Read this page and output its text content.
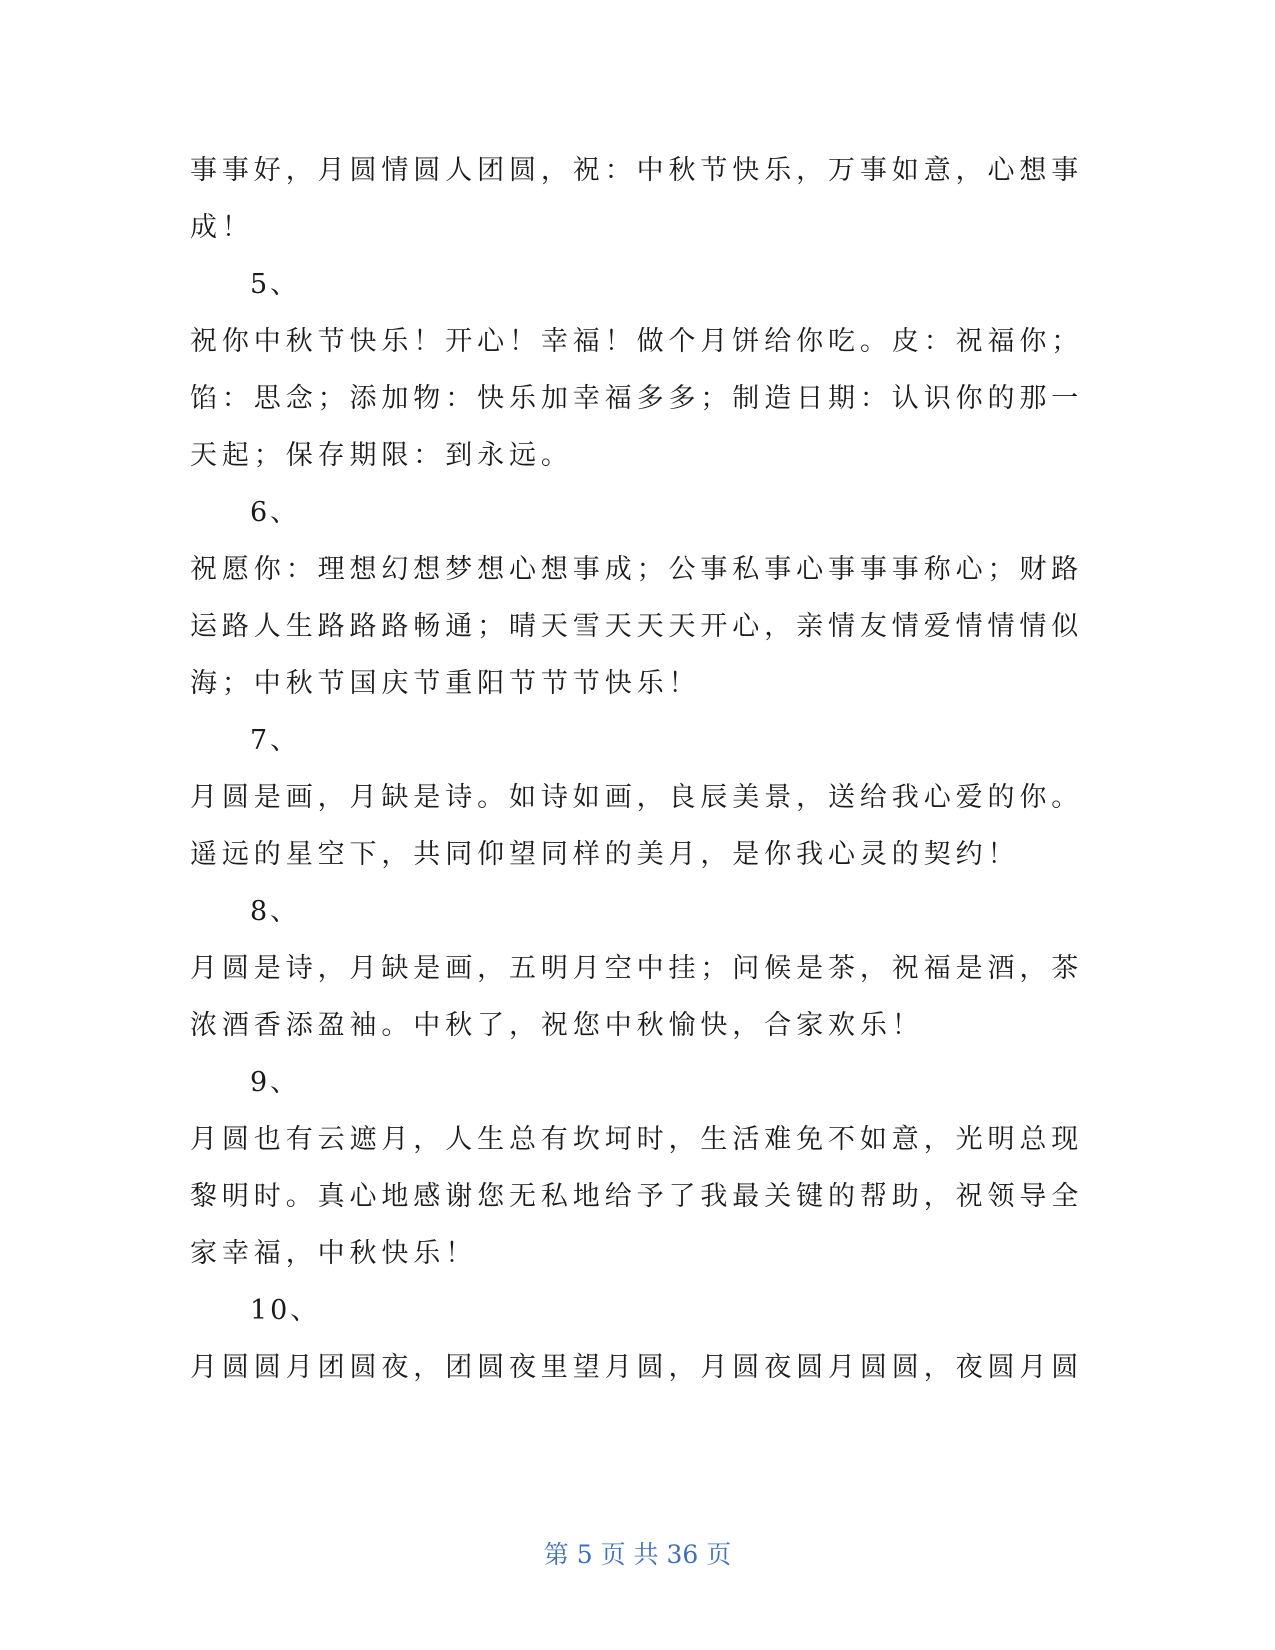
事事好，月圆情圆人团圆，祝：中秋节快乐，万事如意，心想事
成！
5、
祝你中秋节快乐！开心！幸福！做个月饼给你吃。皮：祝福你；
馅：思念；添加物：快乐加幸福多多；制造日期：认识你的那一
天起；保存期限：到永远。
6、
祝愿你：理想幻想梦想心想事成；公事私事心事事事称心；财路
运路人生路路路畅通；晴天雪天天天开心，亲情友情爱情情情似
海；中秋节国庆节重阳节节节快乐！
7、
月圆是画，月缺是诗。如诗如画，良辰美景，送给我心爱的你。
遥远的星空下，共同仰望同样的美月，是你我心灵的契约！
8、
月圆是诗，月缺是画，五明月空中挂；问候是茶，祝福是酒，茶
浓酒香添盈袖。中秋了，祝您中秋愉快，合家欢乐！
9、
月圆也有云遮月，人生总有坎坷时，生活难免不如意，光明总现
黎明时。真心地感谢您无私地给予了我最关键的帮助，祝领导全
家幸福，中秋快乐！
10、
月圆圆月团圆夜，团圆夜里望月圆，月圆夜圆月圆圆，夜圆月圆
第 5 页 共 36 页
